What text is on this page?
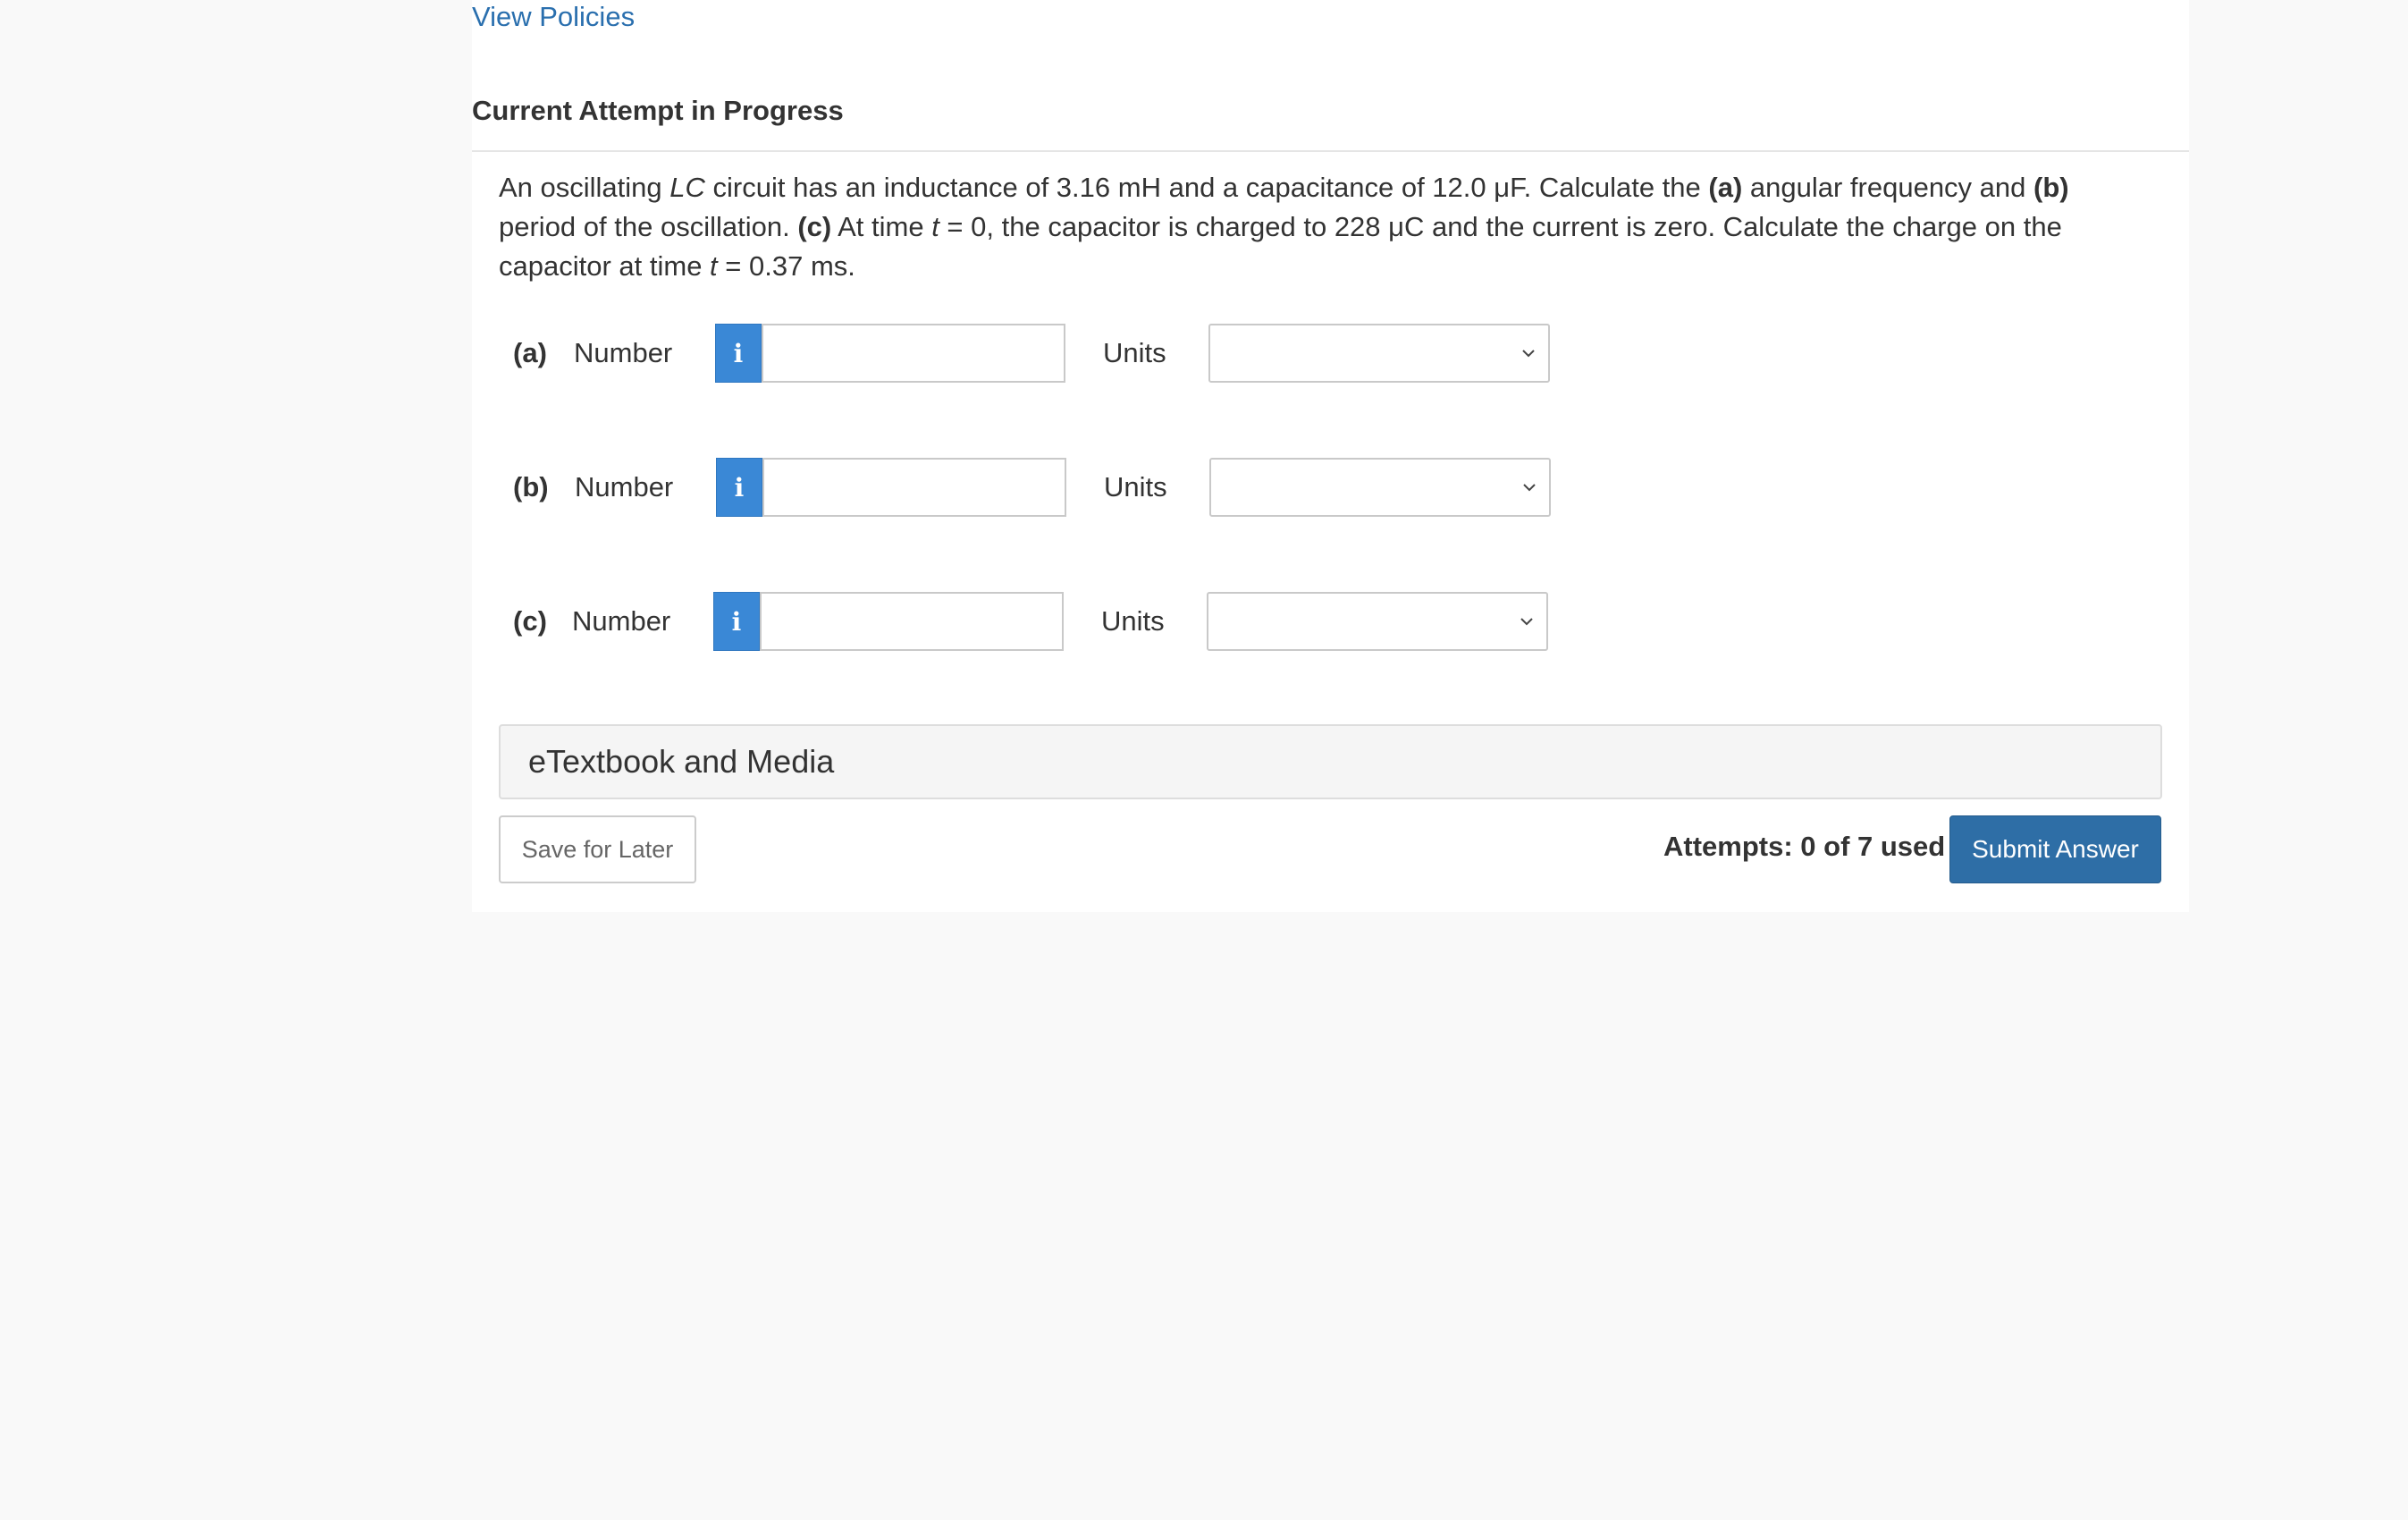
View Policies
Current Attempt in Progress
An oscillating LC circuit has an inductance of 3.16 mH and a capacitance of 12.0 μF. Calculate the (a) angular frequency and (b) period of the oscillation. (c) At time t = 0, the capacitor is charged to 228 μC and the current is zero. Calculate the charge on the capacitor at time t = 0.37 ms.
(a) Number	i	Units
(b) Number	i	Units
(c) Number	i	Units
eTextbook and Media
Save for Later	Attempts: 0 of 7 used	Submit Answer
